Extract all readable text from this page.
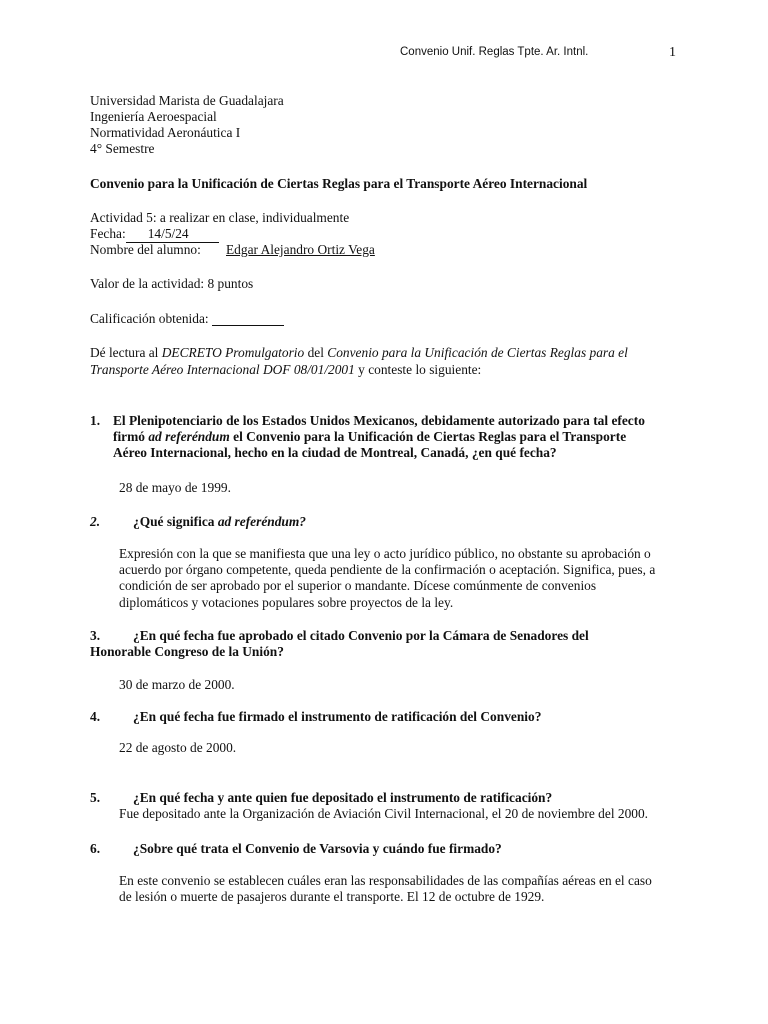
Convenio Unif. Reglas Tpte. Ar. Intnl.	1
Universidad Marista de Guadalajara
Ingeniería Aeroespacial
Normatividad Aeronáutica I
4° Semestre
Convenio para la Unificación de Ciertas Reglas para el Transporte Aéreo Internacional
Actividad 5: a realizar en clase, individualmente
Fecha: 14/5/24
Nombre del alumno: Edgar Alejandro Ortiz Vega
Valor de la actividad: 8 puntos
Calificación obtenida:
Dé lectura al DECRETO Promulgatorio del Convenio para la Unificación de Ciertas Reglas para el
Transporte Aéreo Internacional DOF 08/01/2001 y conteste lo siguiente:
1. El Plenipotenciario de los Estados Unidos Mexicanos, debidamente autorizado para tal efecto
firmó ad referéndum el Convenio para la Unificación de Ciertas Reglas para el Transporte
Aéreo Internacional, hecho en la ciudad de Montreal, Canadá, ¿en qué fecha?
28 de mayo de 1999.
2. ¿Qué significa ad referéndum?
Expresión con la que se manifiesta que una ley o acto jurídico público, no obstante su aprobación o
acuerdo por órgano competente, queda pendiente de la confirmación o aceptación. Significa, pues, a
condición de ser aprobado por el superior o mandante. Dícese comúnmente de convenios
diplomáticos y votaciones populares sobre proyectos de la ley.
3. ¿En qué fecha fue aprobado el citado Convenio por la Cámara de Senadores del
Honorable Congreso de la Unión?
30 de marzo de 2000.
4. ¿En qué fecha fue firmado el instrumento de ratificación del Convenio?
22 de agosto de 2000.
5. ¿En qué fecha y ante quien fue depositado el instrumento de ratificación?
Fue depositado ante la Organización de Aviación Civil Internacional, el 20 de noviembre del 2000.
6. ¿Sobre qué trata el Convenio de Varsovia y cuándo fue firmado?
En este convenio se establecen cuáles eran las responsabilidades de las compañías aéreas en el caso
de lesión o muerte de pasajeros durante el transporte. El 12 de octubre de 1929.
